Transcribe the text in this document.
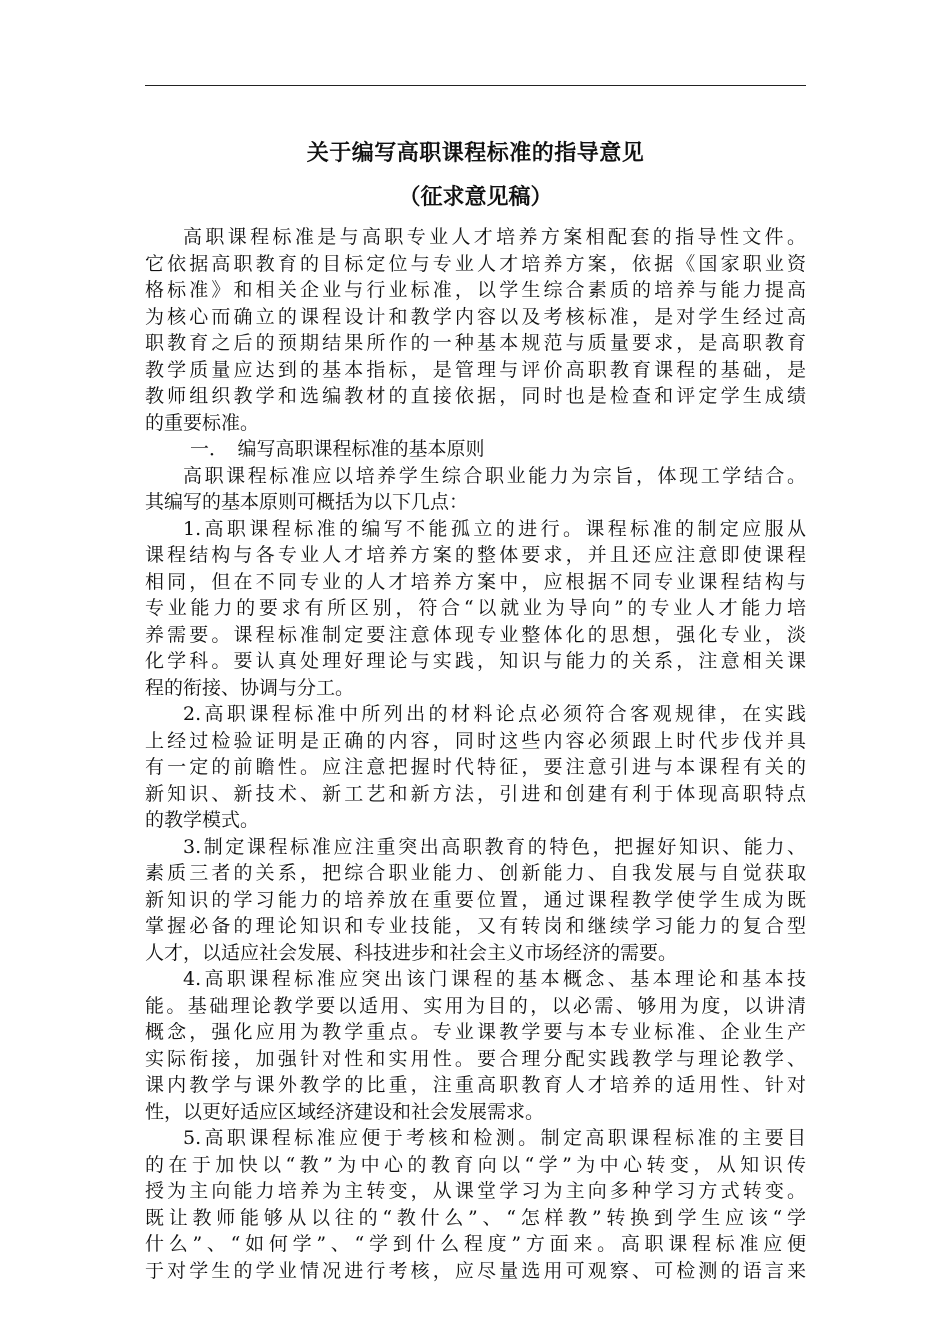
关于编写高职课程标准的指导意见
（征求意见稿）

高职课程标准是与高职专业人才培养方案相配套的指导性文件。
它依据高职教育的目标定位与专业人才培养方案，依据《国家职业资
格标准》和相关企业与行业标准，以学生综合素质的培养与能力提高
为核心而确立的课程设计和教学内容以及考核标准，是对学生经过高
职教育之后的预期结果所作的一种基本规范与质量要求，是高职教育
教学质量应达到的基本指标，是管理与评价高职教育课程的基础，是
教师组织教学和选编教材的直接依据，同时也是检查和评定学生成绩
的重要标准。

一．　编写高职课程标准的基本原则

高职课程标准应以培养学生综合职业能力为宗旨，体现工学结合。
其编写的基本原则可概括为以下几点：

1.高职课程标准的编写不能孤立的进行。课程标准的制定应服从
课程结构与各专业人才培养方案的整体要求，并且还应注意即使课程
相同，但在不同专业的人才培养方案中，应根据不同专业课程结构与
专业能力的要求有所区别，符合“以就业为导向”的专业人才能力培
养需要。课程标准制定要注意体现专业整体化的思想，强化专业，淡
化学科。要认真处理好理论与实践，知识与能力的关系，注意相关课
程的衔接、协调与分工。

2.高职课程标准中所列出的材料论点必须符合客观规律，在实践
上经过检验证明是正确的内容，同时这些内容必须跟上时代步伐并具
有一定的前瞻性。应注意把握时代特征，要注意引进与本课程有关的
新知识、新技术、新工艺和新方法，引进和创建有利于体现高职特点
的教学模式。

3.制定课程标准应注重突出高职教育的特色，把握好知识、能力、
素质三者的关系，把综合职业能力、创新能力、自我发展与自觉获取
新知识的学习能力的培养放在重要位置，通过课程教学使学生成为既
掌握必备的理论知识和专业技能，又有转岗和继续学习能力的复合型
人才，以适应社会发展、科技进步和社会主义市场经济的需要。

4.高职课程标准应突出该门课程的基本概念、基本理论和基本技
能。基础理论教学要以适用、实用为目的，以必需、够用为度，以讲清
概念，强化应用为教学重点。专业课教学要与本专业标准、企业生产
实际衔接，加强针对性和实用性。要合理分配实践教学与理论教学、
课内教学与课外教学的比重，注重高职教育人才培养的适用性、针对
性，以更好适应区域经济建设和社会发展需求。

5.高职课程标准应便于考核和检测。制定高职课程标准的主要目
的在于加快以“教”为中心的教育向以“学”为中心转变，从知识传
授为主向能力培养为主转变，从课堂学习为主向多种学习方式转变。
既让教师能够从以往的“教什么”、“怎样教”转换到学生应该“学
什么”、“如何学”、“学到什么程度”方面来。高职课程标准应便
于对学生的学业情况进行考核，应尽量选用可观察、可检测的语言来
